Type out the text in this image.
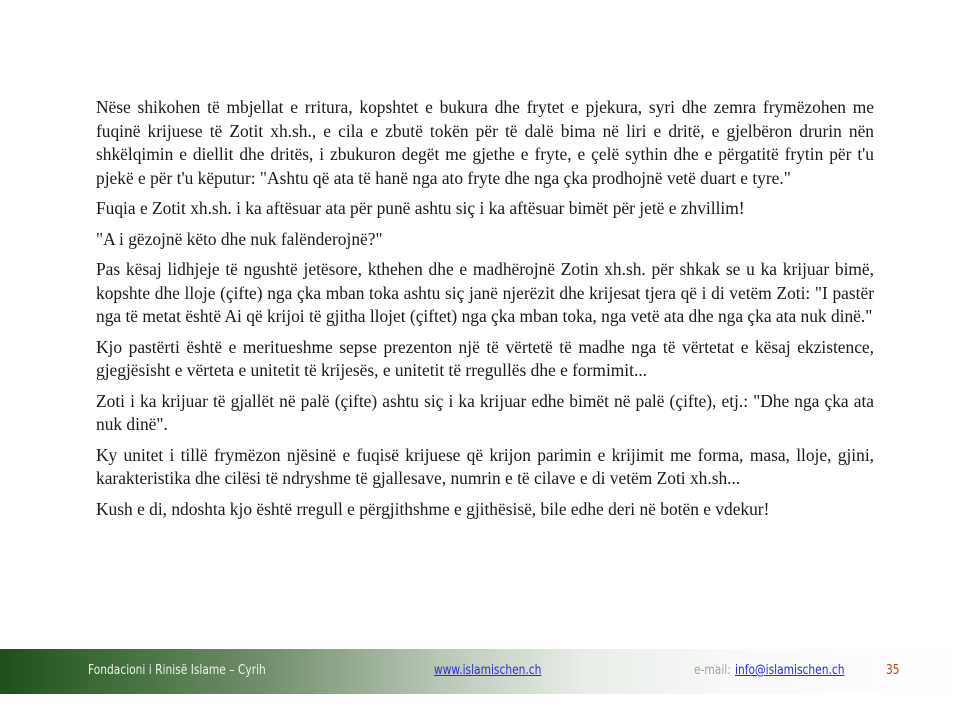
Nëse shikohen të mbjellat e rritura, kopshtet e bukura dhe frytet e pjekura, syri dhe zemra frymëzohen me fuqinë krijuese të Zotit xh.sh., e cila e zbutë tokën për të dalë bima në liri e dritë, e gjelbëron drurin nën shkëlqimin e diellit dhe dritës, i zbukuron degët me gjethe e fryte, e çelë sythin dhe e përgatitë frytin për t'u pjekë e për t'u këputur: "Ashtu që ata të hanë nga ato fryte dhe nga çka prodhojnë vetë duart e tyre."

Fuqia e Zotit xh.sh. i ka aftësuar ata për punë ashtu siç i ka aftësuar bimët për jetë e zhvillim!

"A i gëzojnë këto dhe nuk falënderojnë?"

Pas kësaj lidhjeje të ngushtë jetësore, kthehen dhe e madhërojnë Zotin xh.sh. për shkak se u ka krijuar bimë, kopshte dhe lloje (çifte) nga çka mban toka ashtu siç janë njerëzit dhe krijesat tjera që i di vetëm Zoti: "I pastër nga të metat është Ai që krijoi të gjitha llojet (çiftet) nga çka mban toka, nga vetë ata dhe nga çka ata nuk dinë."

Kjo pastërti është e meritueshme sepse prezenton një të vërtetë të madhe nga të vërtetat e kësaj ekzistence, gjegjësisht e vërteta e unitetit të krijesës, e unitetit të rregullës dhe e formimit...

Zoti i ka krijuar të gjallët në palë (çifte) ashtu siç i ka krijuar edhe bimët në palë (çifte), etj.: "Dhe nga çka ata nuk dinë".

Ky unitet i tillë frymëzon njësinë e fuqisë krijuese që krijon parimin e krijimit me forma, masa, lloje, gjini, karakteristika dhe cilësi të ndryshme të gjallesave, numrin e të cilave e di vetëm Zoti xh.sh...

Kush e di, ndoshta kjo është rregull e përgjithshme e gjithësisë, bile edhe deri në botën e vdekur!

Fondacioni i Rinisë Islame – Cyrih	www.islamischen.ch	e-mail: info@islamischen.ch	35
